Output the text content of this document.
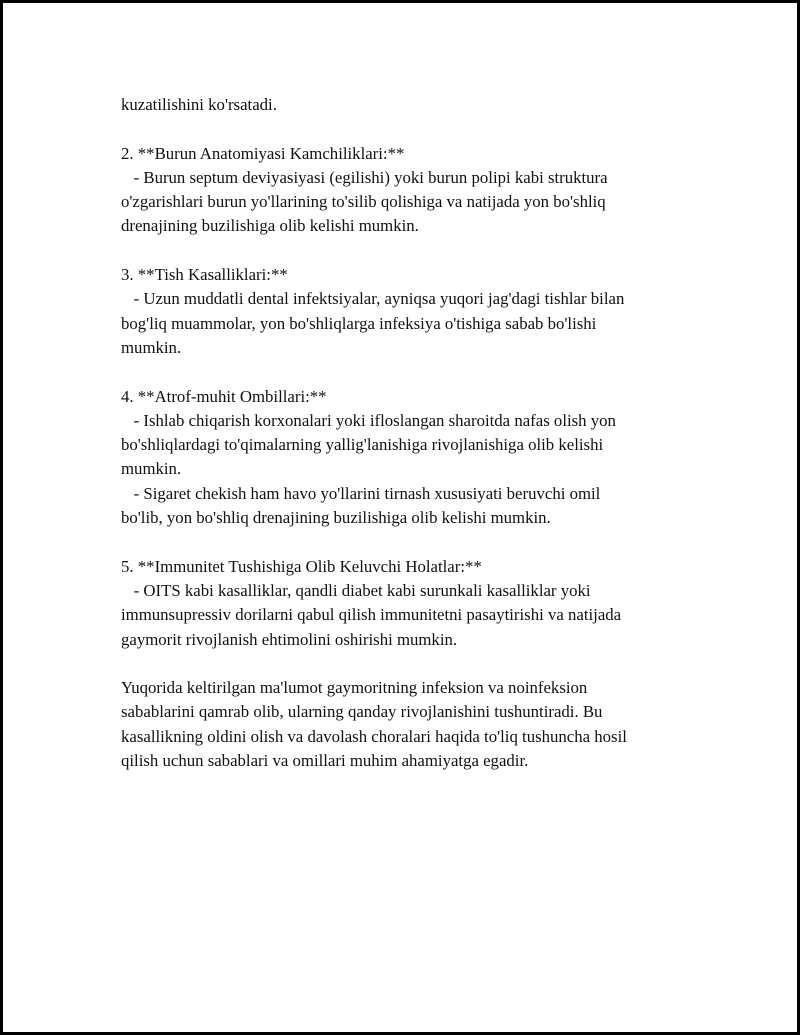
kuzatilishini ko'rsatadi.
2. **Burun Anatomiyasi Kamchiliklari:**
- Burun septum deviyasiyasi (egilishi) yoki burun polipi kabi struktura
o'zgarishlari burun yo'llarining to'silib qolishiga va natijada yon bo'shliq
drenajining buzilishiga olib kelishi mumkin.
3. **Tish Kasalliklari:**
- Uzun muddatli dental infektsiyalar, ayniqsa yuqori jag'dagi tishlar bilan
bog'liq muammolar, yon bo'shliqlarga infeksiya o'tishiga sabab bo'lishi
mumkin.
4. **Atrof-muhit Ombillari:**
- Ishlab chiqarish korxonalari yoki ifloslangan sharoitda nafas olish yon
bo'shliqlardagi to'qimalarning yallig'lanishiga rivojlanishiga olib kelishi
mumkin.
- Sigaret chekish ham havo yo'llarini tirnash xususiyati beruvchi omil
bo'lib, yon bo'shliq drenajining buzilishiga olib kelishi mumkin.
5. **Immunitet Tushishiga Olib Keluvchi Holatlar:**
- OITS kabi kasalliklar, qandli diabet kabi surunkali kasalliklar yoki
immunsupressiv dorilarni qabul qilish immunitetni pasaytirishi va natijada
gaymorit rivojlanish ehtimolini oshirishi mumkin.
Yuqorida keltirilgan ma'lumot gaymoritning infeksion va noinfeksion
sabablarini qamrab olib, ularning qanday rivojlanishini tushuntiradi. Bu
kasallikning oldini olish va davolash choralari haqida to'liq tushuncha hosil
qilish uchun sabablari va omillari muhim ahamiyatga egadir.
